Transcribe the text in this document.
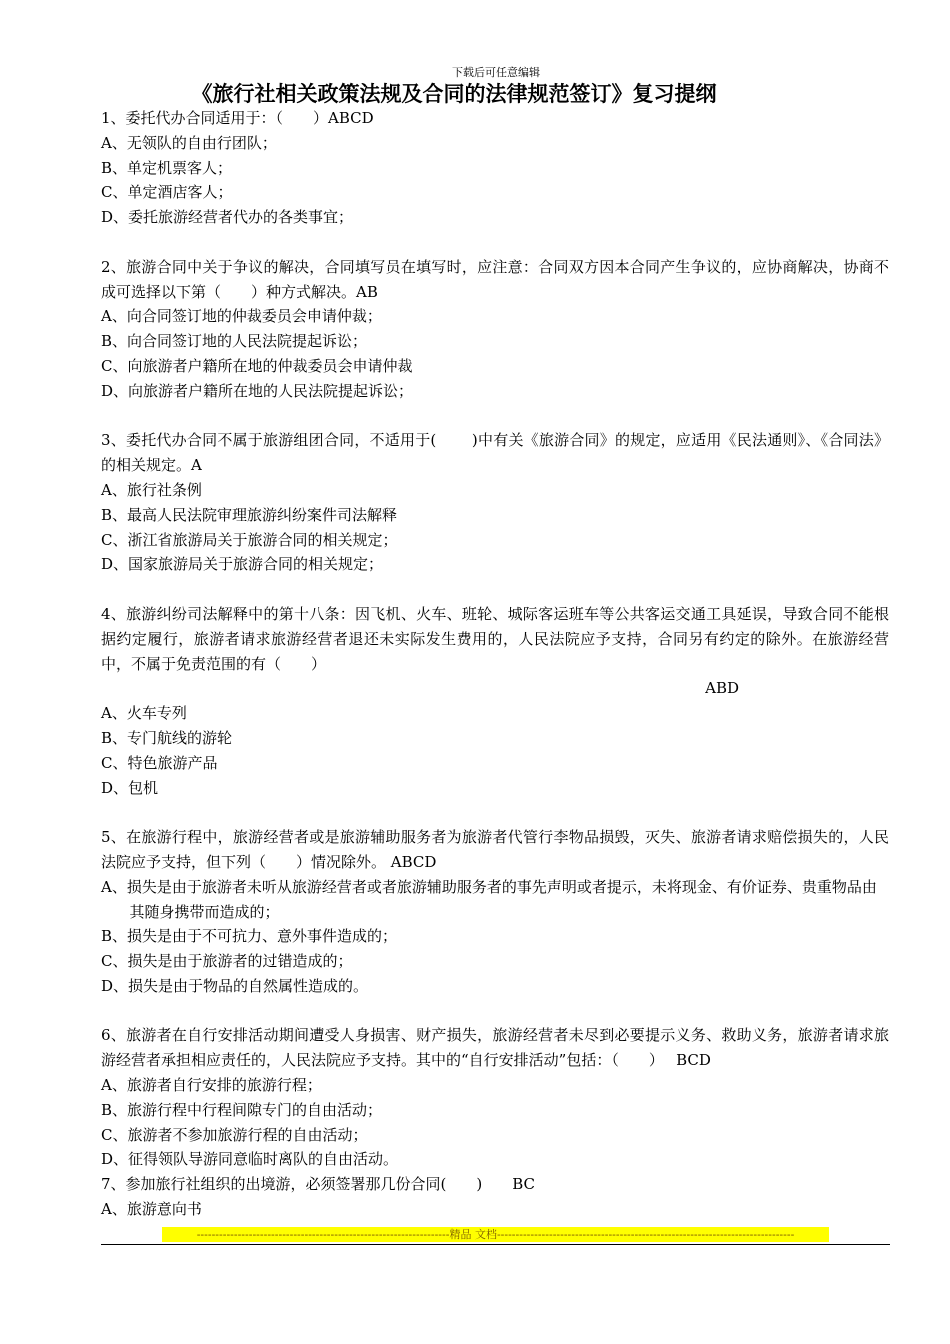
下载后可任意编辑
《旅行社相关政策法规及合同的法律规范签订》复习提纲

1、委托代办合同适用于：（　　）ABCD

A、无领队的自由行团队；

B、单定机票客人；

C、单定酒店客人；

D、委托旅游经营者代办的各类事宜；

2、旅游合同中关于争议的解决，合同填写员在填写时，应注意：合同双方因本合同产生争议的，应协商解决，协商不成可选择以下第（　　）种方式解决。AB

A、向合同签订地的仲裁委员会申请仲裁；

B、向合同签订地的人民法院提起诉讼；

C、向旅游者户籍所在地的仲裁委员会申请仲裁

D、向旅游者户籍所在地的人民法院提起诉讼；

3、委托代办合同不属于旅游组团合同，不适用于(　　 )中有关《旅游合同》的规定，应适用《民法通则》、《合同法》的相关规定。A

A、旅行社条例

B、最高人民法院审理旅游纠纷案件司法解释

C、浙江省旅游局关于旅游合同的相关规定；

D、国家旅游局关于旅游合同的相关规定；

4、旅游纠纷司法解释中的第十八条：因飞机、火车、班轮、城际客运班车等公共客运交通工具延误，导致合同不能根据约定履行，旅游者请求旅游经营者退还未实际发生费用的，人民法院应予支持，合同另有约定的除外。在旅游经营中，不属于免责范围的有（　　）

ABD

A、火车专列

B、专门航线的游轮

C、特色旅游产品

D、包机

5、在旅游行程中，旅游经营者或是旅游辅助服务者为旅游者代管行李物品损毁，灭失、旅游者请求赔偿损失的，人民法院应予支持，但下列（　　）情况除外。 ABCD

A、损失是由于旅游者未听从旅游经营者或者旅游辅助服务者的事先声明或者提示，未将现金、有价证券、贵重物品由其随身携带而造成的；

B、损失是由于不可抗力、意外事件造成的；

C、损失是由于旅游者的过错造成的；

D、损失是由于物品的自然属性造成的。

6、旅游者在自行安排活动期间遭受人身损害、财产损失，旅游经营者未尽到必要提示义务、救助义务，旅游者请求旅游经营者承担相应责任的，人民法院应予支持。其中的“自行安排活动”包括：（　　）　 BCD

A、旅游者自行安排的旅游行程；

B、旅游行程中行程间隙专门的自由活动；

C、旅游者不参加旅游行程的自由活动；

D、征得领队导游同意临时离队的自由活动。

7、参加旅行社组织的出境游，必须签署那几份合同(　　)　　BC

A、旅游意向书

--------------------------------------------------------------------精品 文档--------------------------------------------------------------------------------
